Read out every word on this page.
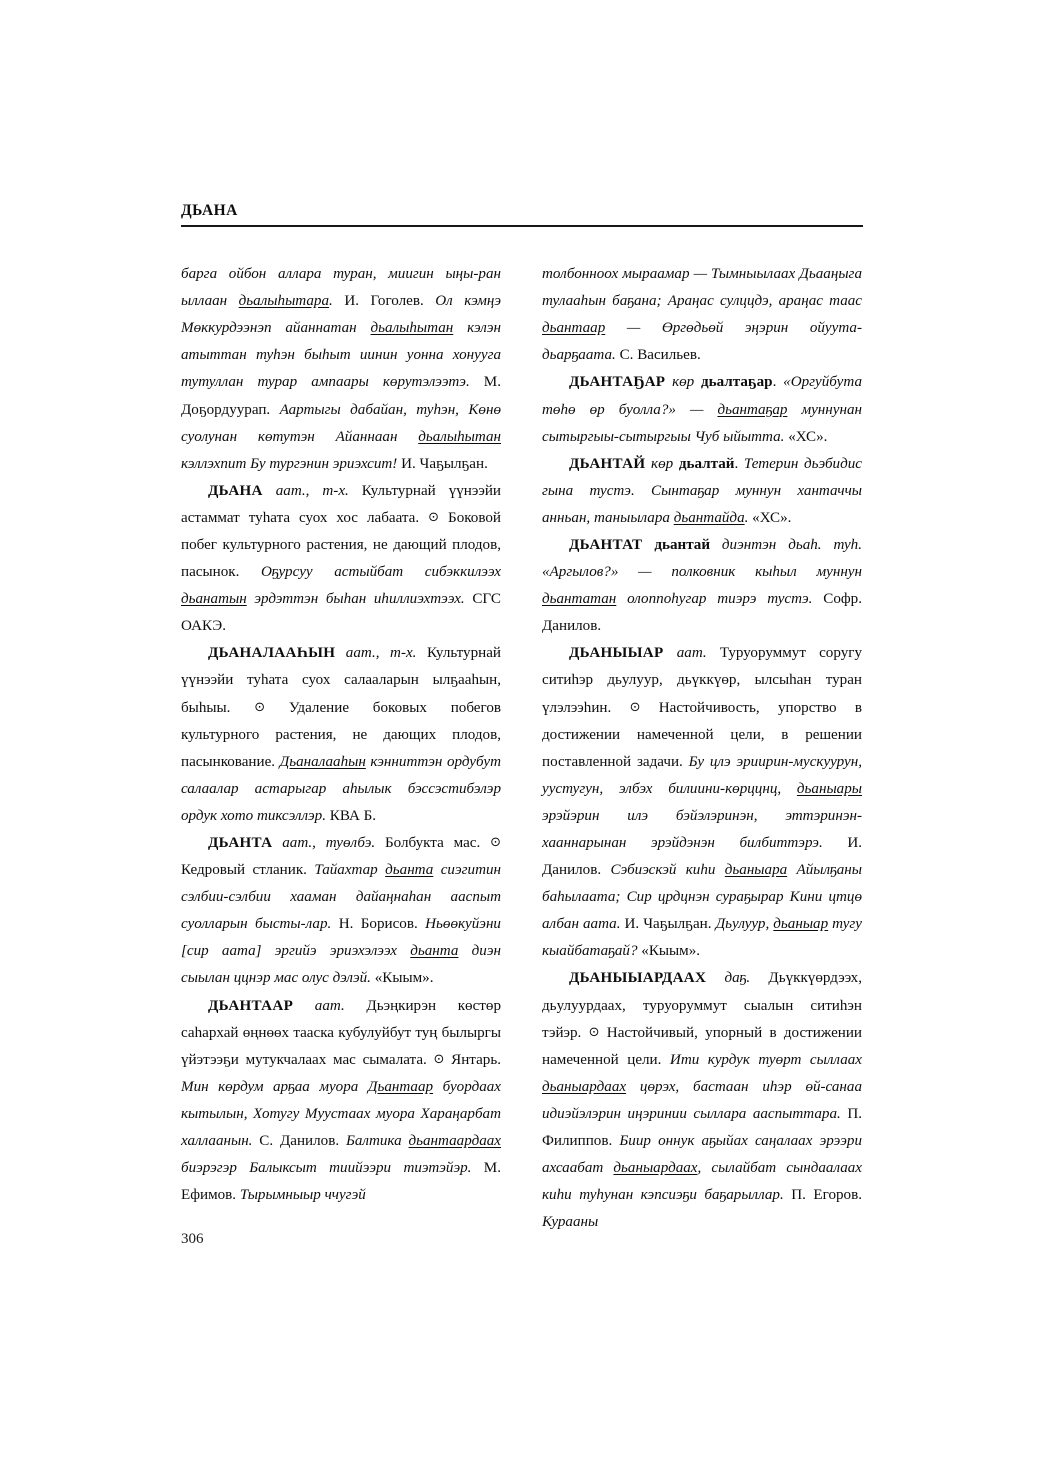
ДЬАНА

барга ойбон аллара туран, миигин ыңы-ран ыллаан дьалыһытара. И. Гоголев. Ол кэмңэ Мөккурдээнэп айаннатан дьалыһытан кэлэн атыттан туһэн быһыт иинин уонна хонууга тутуллан турар ампаары көрутэлээтэ. М. Доҕордуурап. Аартыгы дабайан, туһэн, Көнө суолунан көтутэн Айаннаан дьалыһытан кэллэхпит Бу тургэнин эриэхсит! И. Чаҕылҕан.

ДЬАНА аат., т-х. Культурнай үүнээйи астаммат туһата суох хос лабаата. ⊙ Боковой побег культурного растения, не дающий плодов, пасынок. Оҕурсуу астыйбат сибэккилээх дьанатын эрдэттэн быһан иһиллиэхтээх. СГС ОАКЭ.

ДЬАНАЛААҺЫН аат., т-х. Культурнай үүнээйи туһата суох салааларын ылҕааһын, быһыы. ⊙ Удаление боковых побегов культурного растения, не дающих плодов, пасынкование. Дьаналааһын кэнниттэн ордубут салаалар астарыгар аһылык бэссэстибэлэр ордук хото тиксэллэр. КВА Б.

ДЬАНТА аат., туөлбэ. Болбукта мас. ⊙ Кедровый стланик. Тайахтар дьанта сиэгитин сэлбии-сэлбии хааман дайаңнаһан ааспыт суолларын бысты-лар. Н. Борисов. Ньөөкуйэни [сир аата] эргийэ эриэхэлээх дьанта диэн сыылан ццнэр мас олус дэлэй. «Кыым».

ДЬАНТААР аат. Дьэңкирэн көстөр саһархай өңнөөх тааска кубулуйбут туң былыргы үйэтээҕи мутукчалаах мас сымалата. ⊙ Янтарь. Мин көрдум арҕаа муора Дьантаар буордаах кытылын, Хотугу Муустаах муора Хараңарбат халлаанын. С. Данилов. Балтика дьантаардаах биэрэгэр Балыксыт тиийээри тиэтэйэр. М. Ефимов. Тырымныыр ччугэй

толбонноох мыраамар — Тымныылаах Дьааңыга тулааһын баҕана; Араңас сулццдэ, араңас таас дьантаар — Өргөдьөй эңэрин ойуута-дьарҕаата. С. Васильев.

ДЬАНТАҔАР көр дьалтаҕар. «Оргуйбута төһө өр буолла?» — дьантаҕар муннунан сытыргыы-сытыргыы Чуб ыйытта. «ХС».

ДЬАНТАЙ көр дьалтай. Тетерин дьэбидис гына тустэ. Сынтаҕар муннун хантаччы анньан, таныылара дьантайда. «ХС».

ДЬАНТАТ дьантай диэнтэн дьаһ. туһ. «Аргылов?» — полковник кыһыл муннун дьантатан олоппоһугар тиэрэ тустэ. Софр. Данилов.

ДЬАНЫЫАР аат. Туруоруммут соругу ситиһэр дьулуур, дьүккүөр, ылсыһан туран үлэлээһин. ⊙ Настойчивость, упорство в достижении намеченной цели, в решении поставленной задачи. Бу цлэ эриирин-мускуурун, уустугун, элбэх билиини-көрццнц, дьаныары эрэйэрин илэ бэйэлэринэн, эттэринэн-хааннарынан эрэйдэнэн билбиттэрэ. И. Данилов. Сэбиэскэй киһи дьаныара Айылҕаны баһылаата; Сир црдцнэн сураҕырар Кини цтцө албан аата. И. Чаҕылҕан. Дьулуур, дьаныар тугу кыайбатаҕай? «Кыым».

ДЬАНЫЫАРДААХ даҕ. Дьүккүөрдээх, дьулуурдаах, туруоруммут сыалын ситиһэн тэйэр. ⊙ Настойчивый, упорный в достижении намеченной цели. Ити курдук туөрт сыллаах дьаныардаах цөрэх, бастаан иһэр өй-санаа идиэйэлэрин иңэринии сыллара ааспыттара. П. Филиппов. Биир оннук аҕыйах саңалаах эрээри ахсаабат дьаныардаах, сылайбат сындаалаах киһи туһунан кэпсиэҕи баҕарыллар. П. Егоров. Курааны

306
